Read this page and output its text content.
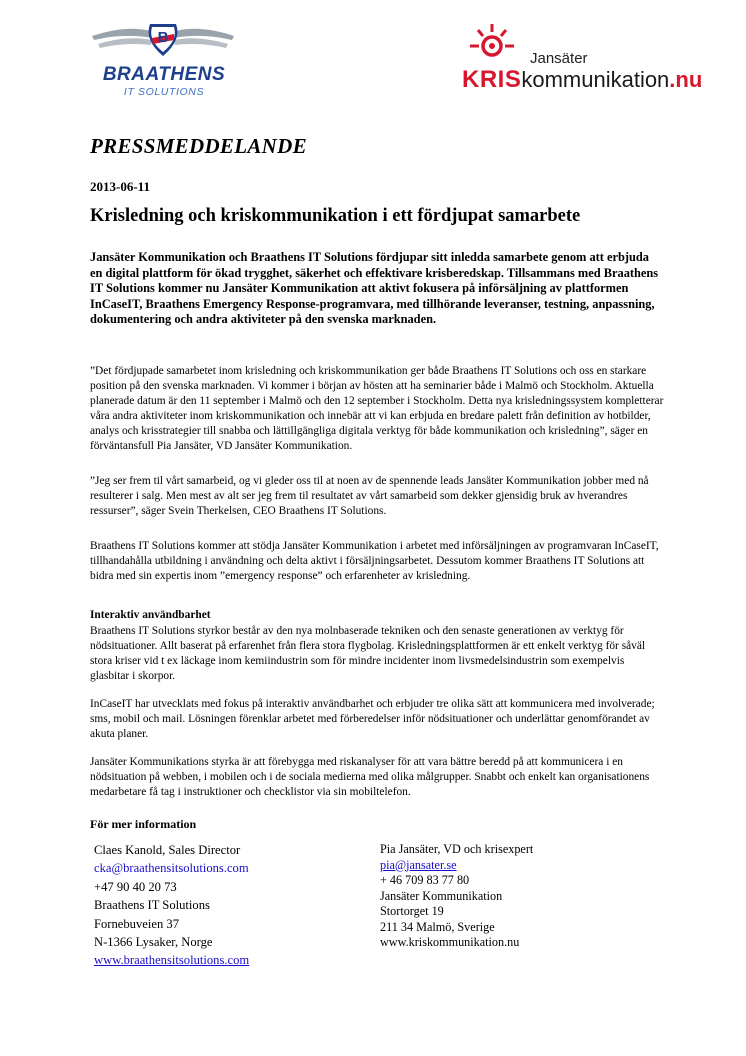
B
BRAATHENS
IT SOLUTIONS
Jansäter
KRISkommunikation.nu
PRESSMEDDELANDE
2013-06-11
Krisledning och kriskommunikation i ett fördjupat samarbete
Jansäter Kommunikation och Braathens IT Solutions fördjupar sitt inledda samarbete genom att erbjuda en digital plattform för ökad trygghet, säkerhet och effektivare krisberedskap. Tillsammans med Braathens IT Solutions kommer nu Jansäter Kommunikation att aktivt fokusera på införsäljning av plattformen InCaseIT, Braathens Emergency Response-programvara, med tillhörande leveranser, testning, anpassning, dokumentering och andra aktiviteter på den svenska marknaden.
”Det fördjupade samarbetet inom krisledning och kriskommunikation ger både Braathens IT Solutions och oss en starkare position på den svenska marknaden. Vi kommer i början av hösten att ha seminarier både i Malmö och Stockholm. Aktuella planerade datum är den 11 september i Malmö och den 12 september i Stockholm. Detta nya krisledningssystem kompletterar våra andra aktiviteter inom kriskommunikation och innebär att vi kan erbjuda en bredare palett från definition av hotbilder, analys och krisstrategier till snabba och lättillgängliga digitala verktyg för både kommunikation och krisledning”, säger en förväntansfull Pia Jansäter, VD Jansäter Kommunikation.
”Jeg ser frem til vårt samarbeid, og vi gleder oss til at noen av de spennende leads Jansäter Kommunikation jobber med nå resulterer i salg. Men mest av alt ser jeg frem til resultatet av vårt samarbeid som dekker gjensidig bruk av hverandres ressurser”, säger Svein Therkelsen, CEO Braathens IT Solutions.
Braathens IT Solutions kommer att stödja Jansäter Kommunikation i arbetet med införsäljningen av programvaran InCaseIT, tillhandahålla utbildning i användning och delta aktivt i försäljningsarbetet. Dessutom kommer Braathens IT Solutions att bidra med sin expertis inom ”emergency response” och erfarenheter av krisledning.
Interaktiv användbarhet
Braathens IT Solutions styrkor består av den nya molnbaserade tekniken och den senaste generationen av verktyg för nödsituationer. Allt baserat på erfarenhet från flera stora flygbolag. Krisledningsplattformen är ett enkelt verktyg för såväl stora kriser vid t ex läckage inom kemiindustrin som för mindre incidenter inom livsmedelsindustrin som exempelvis glasbitar i skorpor.
InCaseIT har utvecklats med fokus på interaktiv användbarhet och erbjuder tre olika sätt att kommunicera med involverade; sms, mobil och mail. Lösningen förenklar arbetet med förberedelser inför nödsituationer och underlättar genomförandet av akuta planer.
Jansäter Kommunikations styrka är att förebygga med riskanalyser för att vara bättre beredd på att kommunicera i en nödsituation på webben, i mobilen och i de sociala medierna med olika målgrupper. Snabbt och enkelt kan organisationens medarbetare få tag i instruktioner och checklistor via sin mobiltelefon.
För mer information
Claes Kanold, Sales Director
cka@braathensitsolutions.com
+47 90 40 20 73
Braathens IT Solutions
Fornebuveien 37
N-1366 Lysaker, Norge
www.braathensitsolutions.com
Pia Jansäter, VD och krisexpert
pia@jansater.se
+ 46 709 83 77 80
Jansäter Kommunikation
Stortorget 19
211 34 Malmö, Sverige
www.kriskommunikation.nu
